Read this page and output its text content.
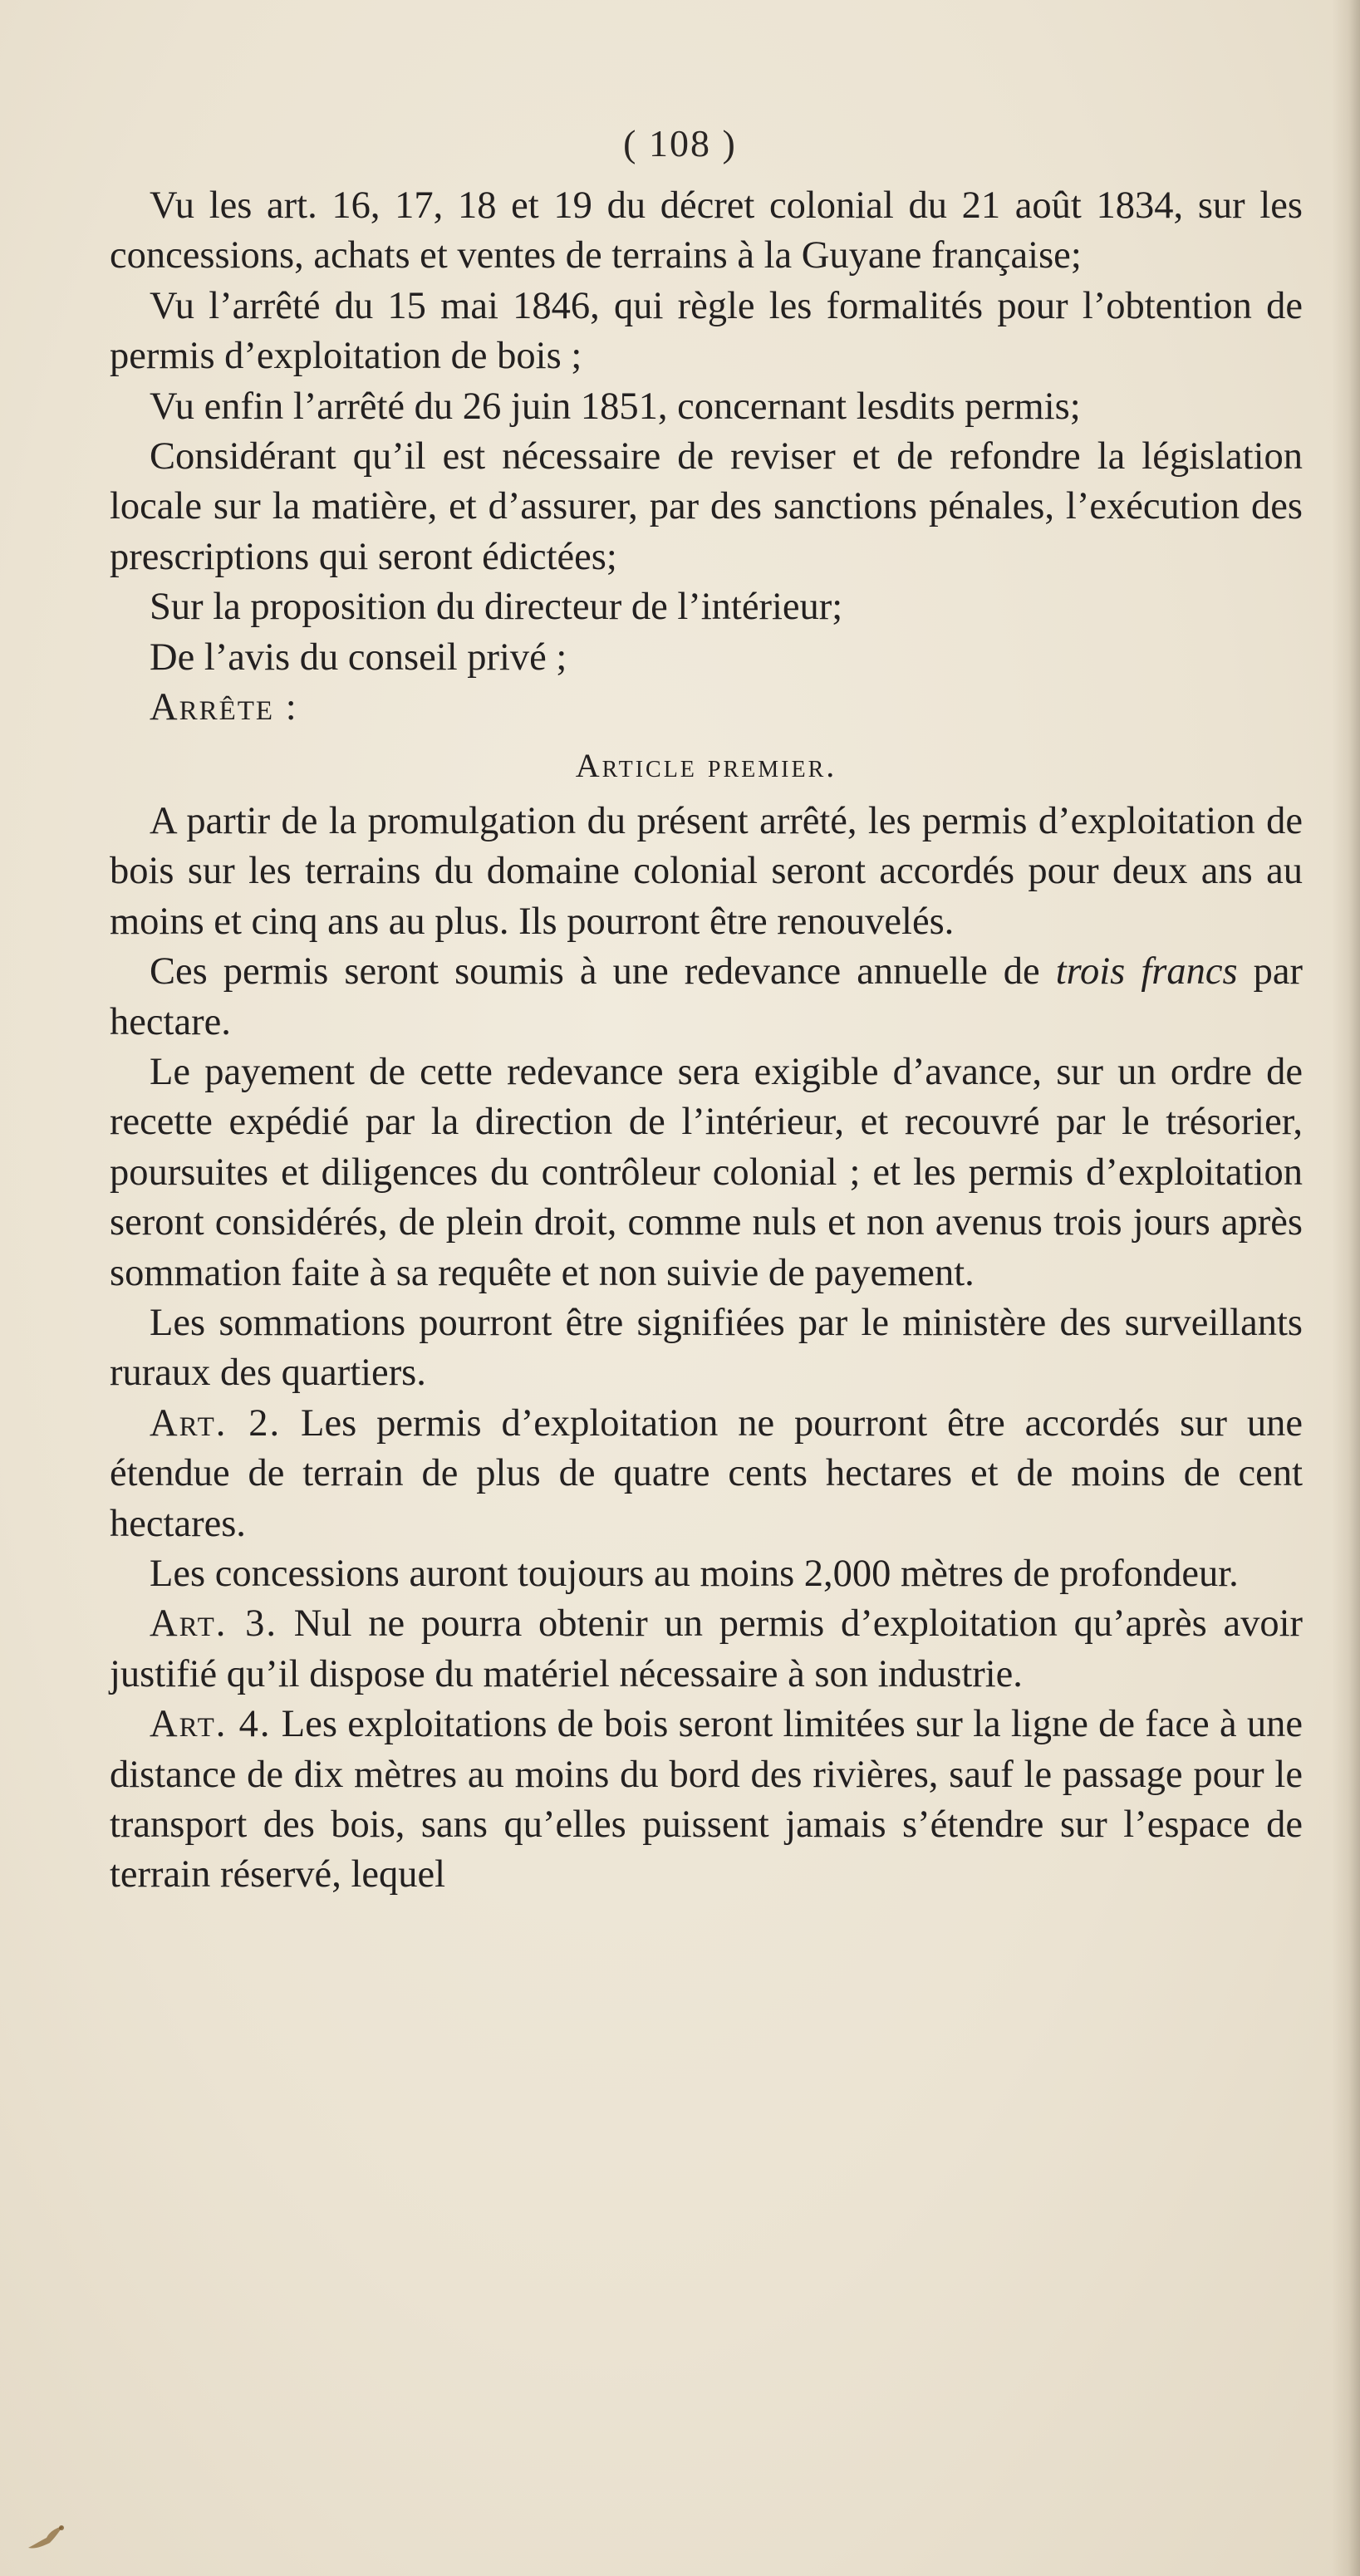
( 108 )

Vu les art. 16, 17, 18 et 19 du décret colonial du 21 août 1834, sur les concessions, achats et ventes de terrains à la Guyane française;

Vu l’arrêté du 15 mai 1846, qui règle les formalités pour l’obtention de permis d’exploitation de bois ;

Vu enfin l’arrêté du 26 juin 1851, concernant lesdits permis;

Considérant qu’il est nécessaire de reviser et de refondre la législation locale sur la matière, et d’assurer, par des sanctions pénales, l’exécution des prescriptions qui seront édictées;

Sur la proposition du directeur de l’intérieur;

De l’avis du conseil privé ;

Arrête :

Article premier.

A partir de la promulgation du présent arrêté, les permis d’exploitation de bois sur les terrains du domaine colonial seront accordés pour deux ans au moins et cinq ans au plus. Ils pourront être renouvelés.

Ces permis seront soumis à une redevance annuelle de trois francs par hectare.

Le payement de cette redevance sera exigible d’avance, sur un ordre de recette expédié par la direction de l’intérieur, et recouvré par le trésorier, poursuites et diligences du contrôleur colonial ; et les permis d’exploitation seront considérés, de plein droit, comme nuls et non avenus trois jours après sommation faite à sa requête et non suivie de payement.

Les sommations pourront être signifiées par le ministère des surveillants ruraux des quartiers.

Art. 2. Les permis d’exploitation ne pourront être accordés sur une étendue de terrain de plus de quatre cents hectares et de moins de cent hectares.

Les concessions auront toujours au moins 2,000 mètres de profondeur.

Art. 3. Nul ne pourra obtenir un permis d’exploitation qu’après avoir justifié qu’il dispose du matériel nécessaire à son industrie.

Art. 4. Les exploitations de bois seront limitées sur la ligne de face à une distance de dix mètres au moins du bord des rivières, sauf le passage pour le transport des bois, sans qu’elles puissent jamais s’étendre sur l’espace de terrain réservé, lequel
